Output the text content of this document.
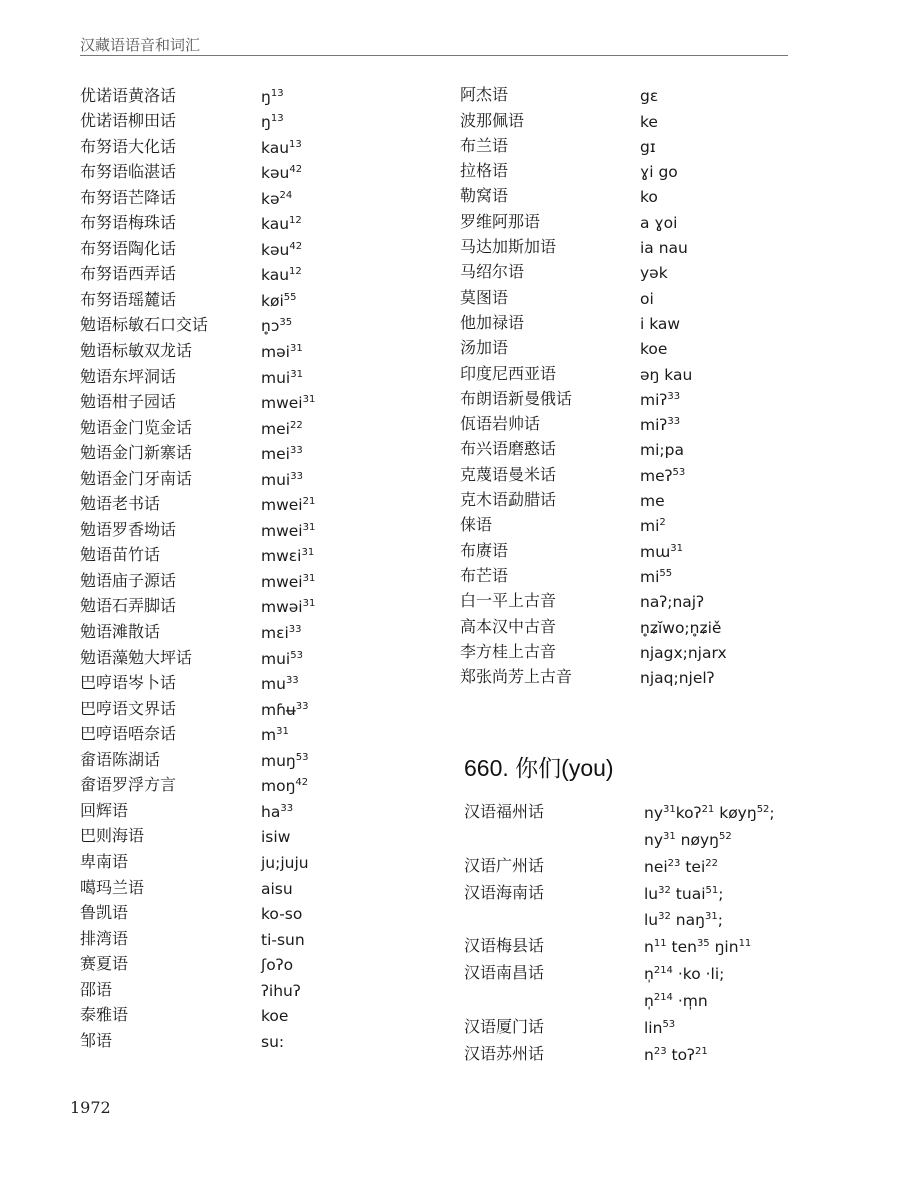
汉藏语语音和词汇
优诺语黄洛话	$ŋ^{13}$
优诺语柳田话	$ŋ^{13}$
布努语大化话	kau$^{13}$
布努语临湛话	kəu$^{42}$
布努语芒降话	kə$^{24}$
布努语梅珠话	kau$^{12}$
布努语陶化话	kəu$^{42}$
布努语西弄话	kau$^{12}$
布努语瑶麓话	køi$^{55}$
勉语标敏石口交话	n̥ɔ$^{35}$
勉语标敏双龙话	məi$^{31}$
勉语东坪洞话	mui$^{31}$
勉语柑子园话	mwei$^{31}$
勉语金门览金话	mei$^{22}$
勉语金门新寨话	mei$^{33}$
勉语金门牙南话	mui$^{33}$
勉语老书话	mwei$^{21}$
勉语罗香坳话	mwei$^{31}$
勉语苗竹话	mwɛi$^{31}$
勉语庙子源话	mwei$^{31}$
勉语石弄脚话	mwəi$^{31}$
勉语滩散话	mɛi$^{33}$
勉语藻勉大坪话	mui$^{53}$
巴哼语岑卜话	$mu^{33}$
巴哼语文界话	mɦʉ$^{33}$
巴哼语唔奈话	$m^{31}$
畲语陈湖话	muŋ$^{53}$
畲语罗浮方言	moŋ$^{42}$
回辉语	$ha^{33}$
巴则海语	isiw
卑南语	ju;juju
噶玛兰语	aisu
鲁凯语	ko-so
排湾语	ti-sun
赛夏语	ʃoʔo
邵语	ʔihuʔ
泰雅语	koe
邹语	su:
阿杰语	gɛ
波那佩语	ke
布兰语	gɪ
拉格语	ɣi go
勒窝语	ko
罗维阿那语	a ɣoi
马达加斯加语	ia nau
马绍尔语	yək
莫图语	oi
他加禄语	i kaw
汤加语	koe
印度尼西亚语	əŋ kau
布朗语新曼俄话	miʔ$^{33}$
佤语岩帅话	miʔ$^{33}$
布兴语磨憨话	mi;pa
克蔑语曼米话	meʔ$^{53}$
克木语勐腊话	me
俫语	$mi^2$
布赓语	mɯ$^{31}$
布芒语	$mi^{55}$
白一平上古音	naʔ;najʔ
高本汉中古音	n̥ʑĭwo;n̥ʑiě
李方桂上古音	njagx;njarx
郑张尚芳上古音	njaq;njelʔ
660. 你们(you)
汉语福州话	$ny^{31}koʔ^{21}$ køyŋ$^{52}$;
$ny^{31}$ nøyŋ$^{52}$
汉语广州话	nei$^{23}$ tei$^{22}$
汉语海南话	$lu^{32}$ tuai$^{51}$;
$lu^{32}$ naŋ$^{31}$;
汉语梅县话	$n^{11}$ ten$^{35}$ ŋin$^{11}$
汉语南昌话	n̩$^{214}$ ·ko ·li;
n̩$^{214}$ ·m̩n
汉语厦门话	lin$^{53}$
汉语苏州话	$n^{23}$ toʔ$^{21}$
1972
